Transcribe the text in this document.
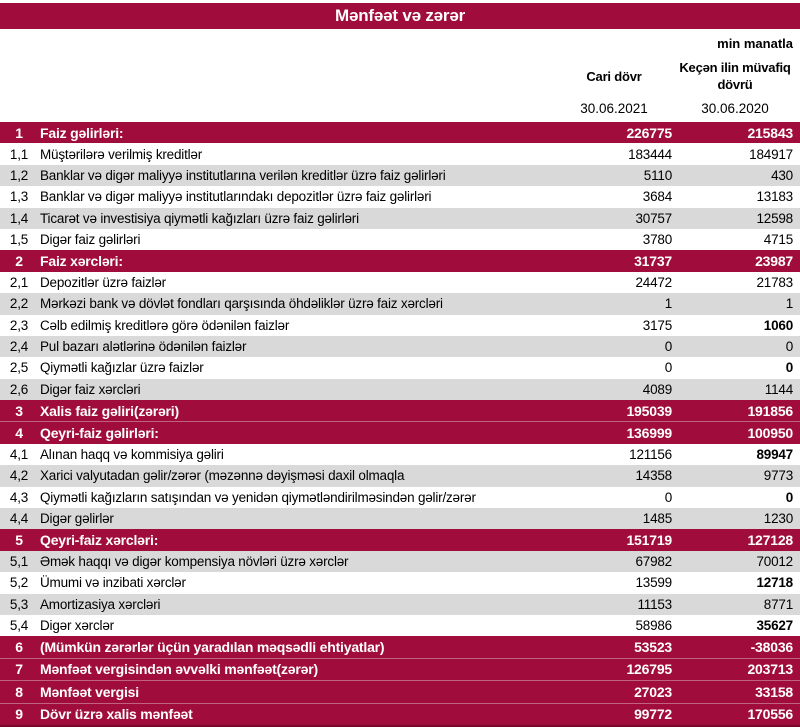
Mənfəət və zərər
min manatla
Cari dövr
Keçən ilin müvafiq dövrü
30.06.2021	30.06.2020
1	Faiz gəlirləri:	226775	215843
1,1 Müştərilərə verilmiş kreditlər	183444	184917
1,2 Banklar və digər maliyyə institutlarına verilən kreditlər üzrə faiz gəlirləri	5110	430
1,3 Banklar və digər maliyyə institutlarındakı depozitlər üzrə faiz gəlirləri	3684	13183
1,4 Ticarət və investisiya qiymətli kağızları üzrə faiz gəlirləri	30757	12598
1,5 Digər faiz gəlirləri	3780	4715
2	Faiz xərcləri:	31737	23987
2,1 Depozitlər üzrə faizlər	24472	21783
2,2 Mərkəzi bank və dövlət fondları qarşısında öhdəliklər üzrə faiz xərcləri	1	1
2,3 Cəlb edilmiş kreditlərə görə ödənilən faizlər	3175	1060
2,4 Pul bazarı alətlərinə ödənilən faizlər	0	0
2,5 Qiymətli kağızlar üzrə faizlər	0	0
2,6 Digər faiz xərcləri	4089	1144
3	Xalis faiz gəliri(zərəri)	195039	191856
4	Qeyri-faiz gəlirləri:	136999	100950
4,1 Alınan haqq və kommisiya gəliri	121156	89947
4,2 Xarici valyutadan gəlir/zərər (məzənnə dəyişməsi daxil olmaqla	14358	9773
4,3 Qiymətli kağızların satışından və yenidən qiymətləndirilməsindən gəlir/zərər	0	0
4,4 Digər gəlirlər	1485	1230
5	Qeyri-faiz xərcləri:	151719	127128
5,1 Əmək haqqı və digər kompensiya növləri üzrə xərclər	67982	70012
5,2 Ümumi və inzibati xərclər	13599	12718
5,3 Amortizasiya xərcləri	11153	8771
5,4 Digər xərclər	58986	35627
6	(Mümkün zərərlər üçün yaradılan məqsədli ehtiyatlar)	53523	-38036
7	Mənfəət vergisindən əvvəlki mənfəət(zərər)	126795	203713
8	Mənfəət vergisi	27023	33158
9	Dövr üzrə xalis mənfəət	99772	170556
